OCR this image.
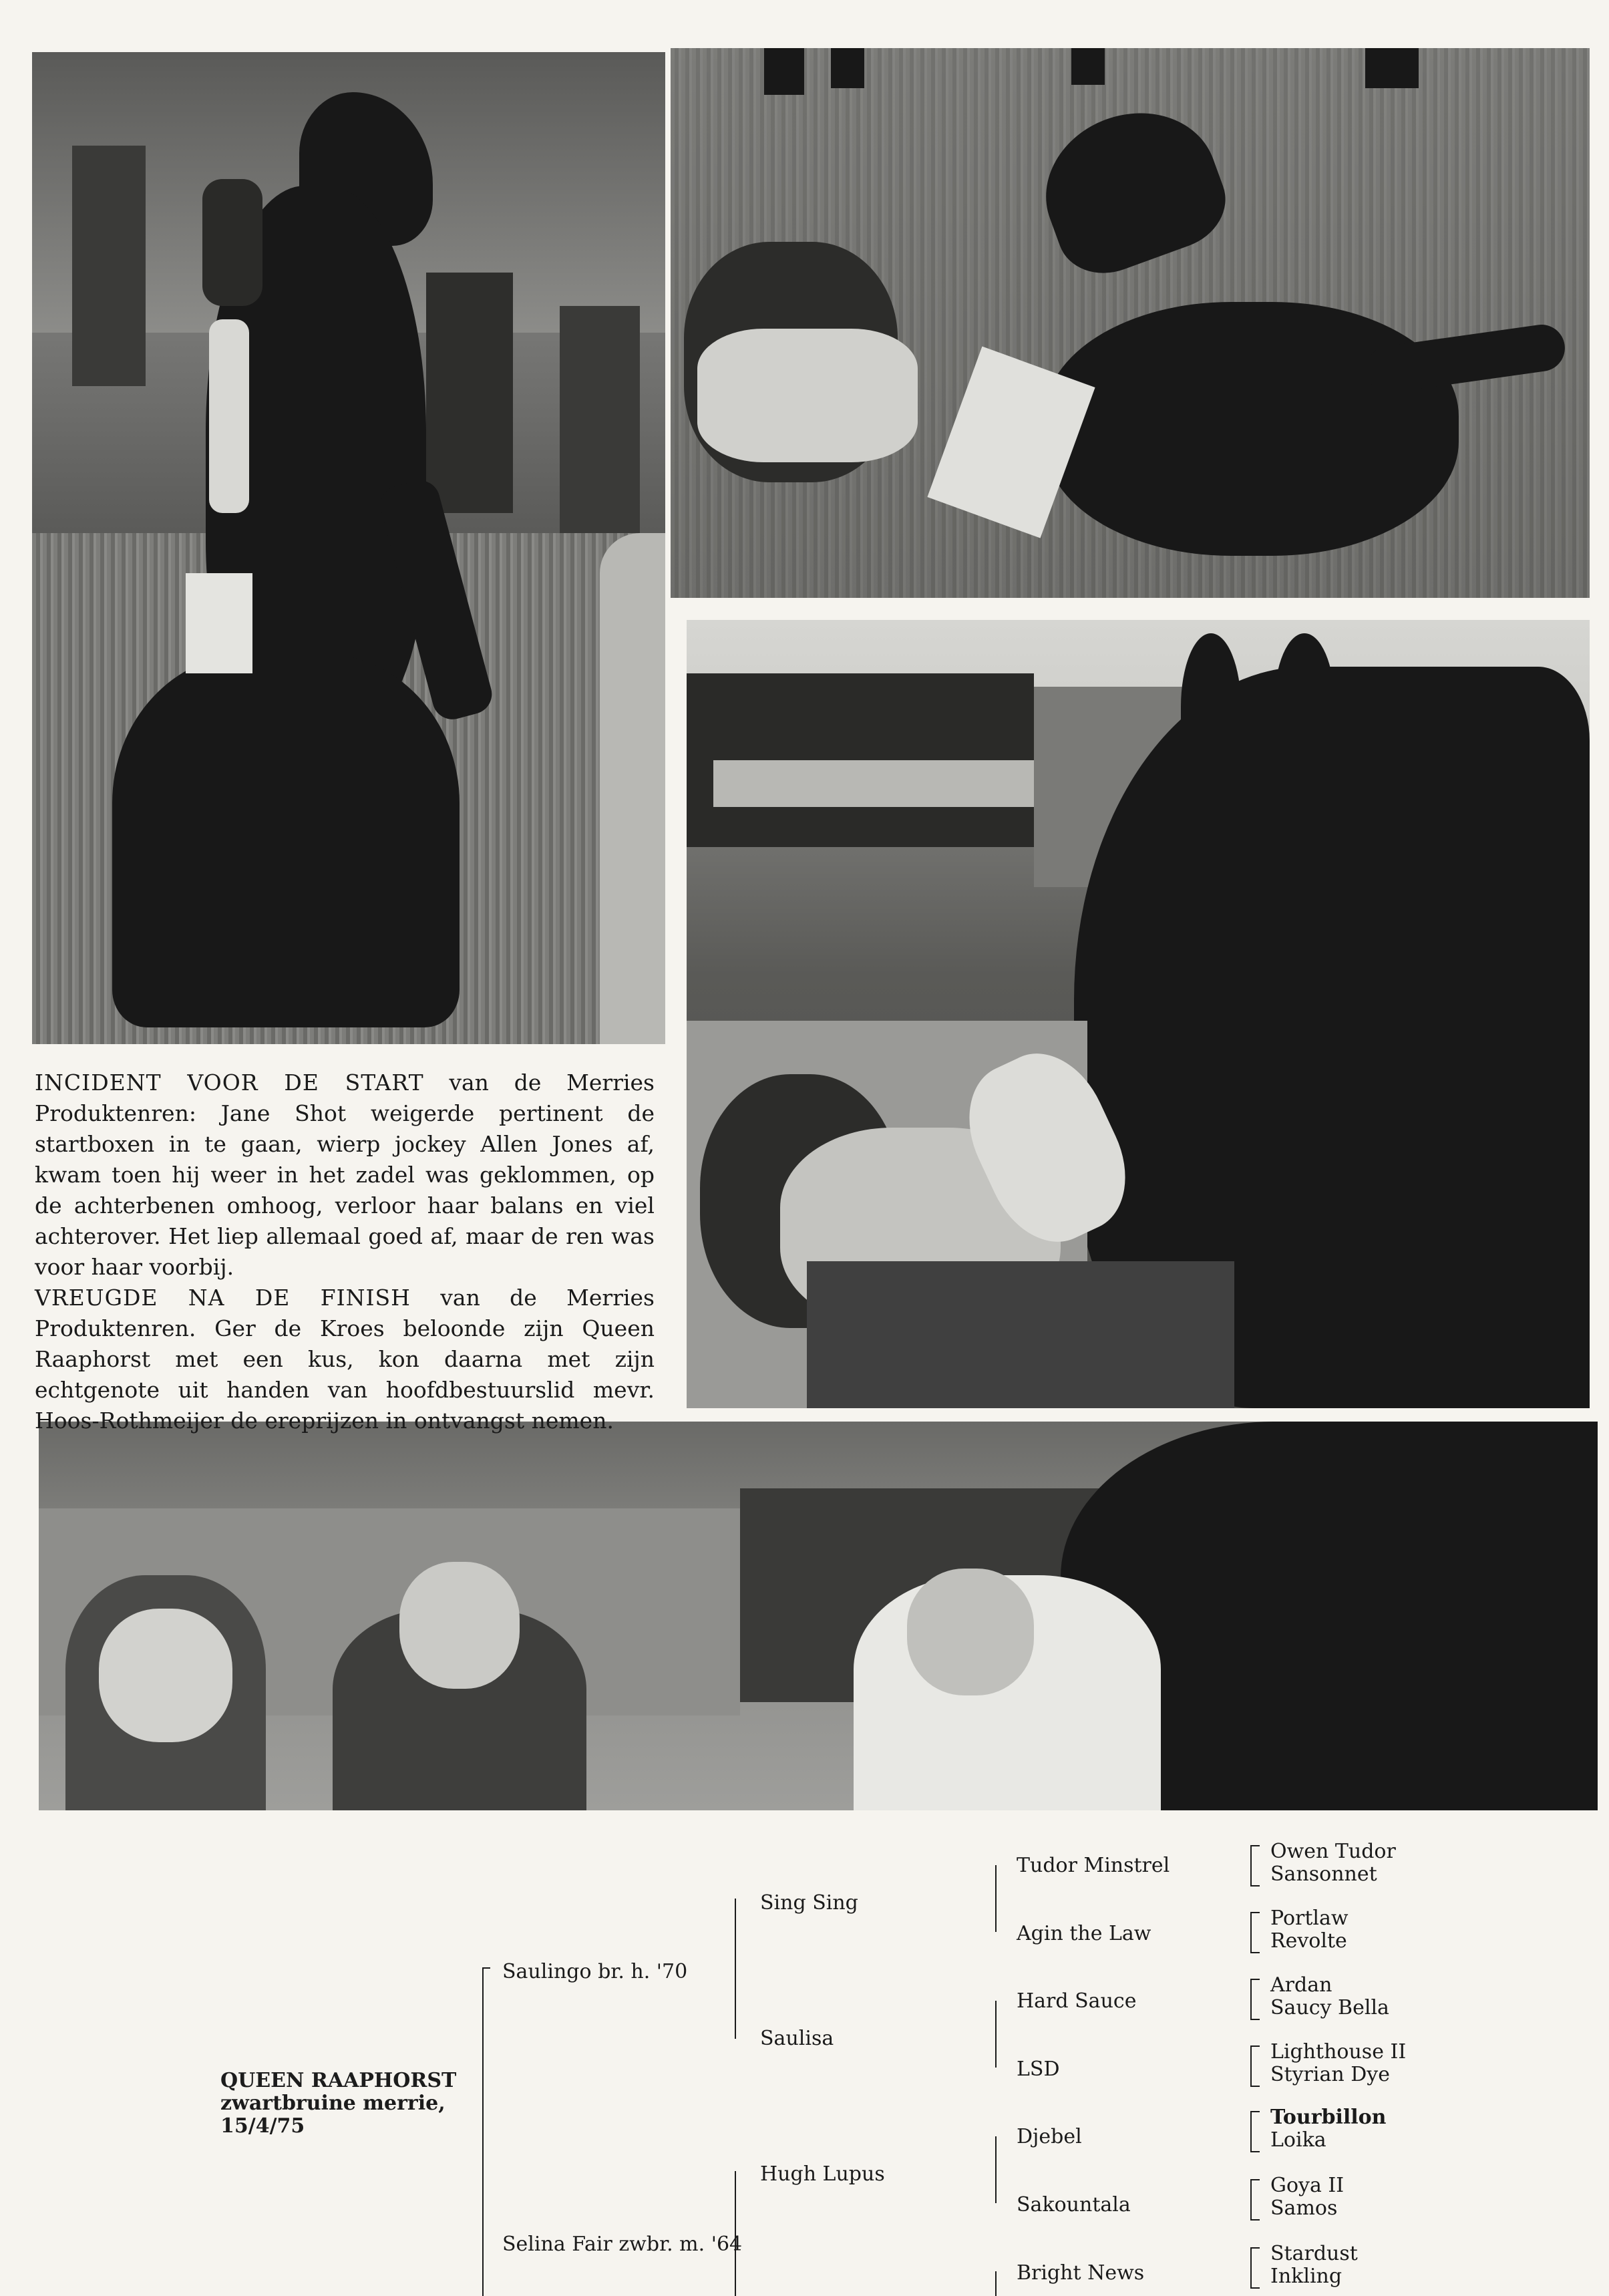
INCIDENT VOOR DE START van de Merries Produktenren: Jane Shot weigerde pertinent de startboxen in te gaan, wierp jockey Allen Jones af, kwam toen hij weer in het zadel was geklommen, op de achterbenen omhoog, verloor haar balans en viel achterover. Het liep allemaal goed af, maar de ren was voor haar voorbij.
VREUGDE NA DE FINISH van de Merries Produktenren. Ger de Kroes beloonde zijn Queen Raaphorst met een kus, kon daarna met zijn echtgenote uit handen van hoofdbestuurslid mevr. Hoos-Rothmeijer de ereprijzen in ontvangst nemen.
QUEEN RAAPHORST
zwartbruine merrie,
15/4/75
Saulingo br. h. '70
Selina Fair zwbr. m. '64
Sing Sing
Saulisa
Hugh Lupus
Tudor Minstrel
Agin the Law
Hard Sauce
LSD
Djebel
Sakountala
Bright News
Owen Tudor
Sansonnet
Portlaw
Revolte
Ardan
Saucy Bella
Lighthouse II
Styrian Dye
Tourbillon
Loika
Goya II
Samos
Stardust
Inkling
